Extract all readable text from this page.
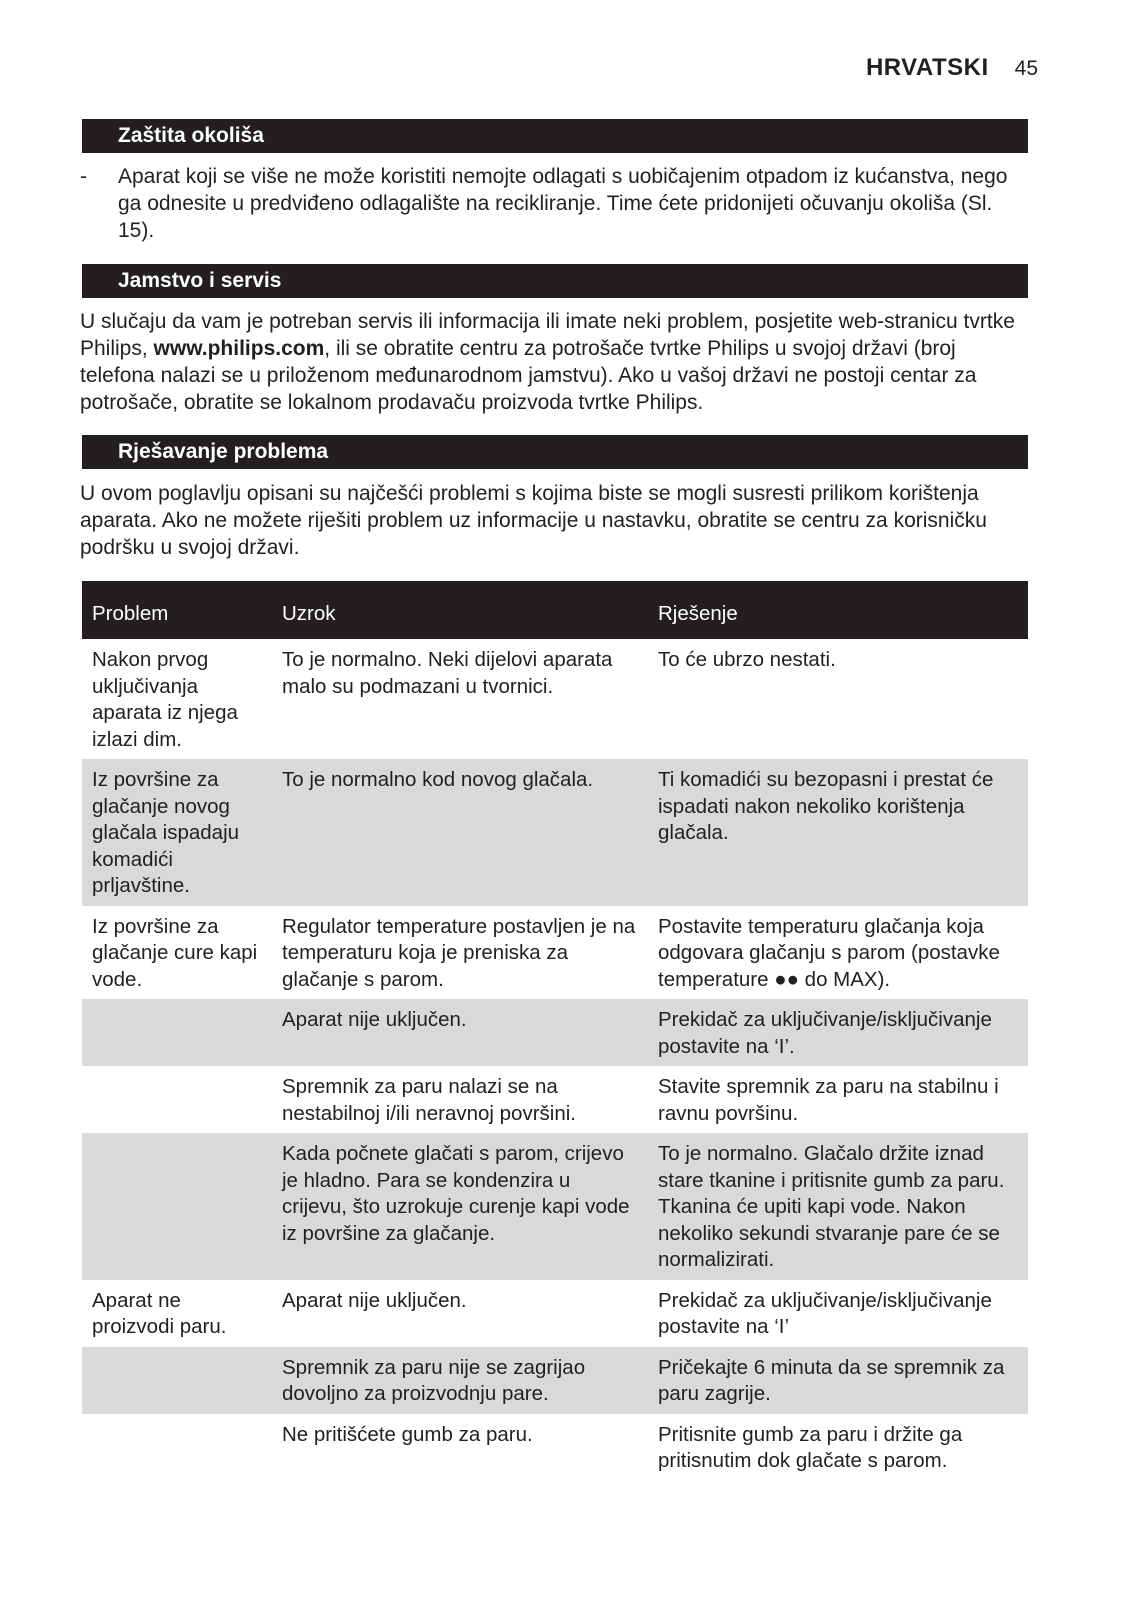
HRVATSKI 45
Zaštita okoliša
- Aparat koji se više ne može koristiti nemojte odlagati s uobičajenim otpadom iz kućanstva, nego ga odnesite u predviđeno odlagalište na recikliranje. Time ćete pridonijeti očuvanju okoliša (Sl. 15).
Jamstvo i servis
U slučaju da vam je potreban servis ili informacija ili imate neki problem, posjetite web-stranicu tvrtke Philips, www.philips.com, ili se obratite centru za potrošače tvrtke Philips u svojoj državi (broj telefona nalazi se u priloženom međunarodnom jamstvu). Ako u vašoj državi ne postoji centar za potrošače, obratite se lokalnom prodavaču proizvoda tvrtke Philips.
Rješavanje problema
U ovom poglavlju opisani su najčešći problemi s kojima biste se mogli susresti prilikom korištenja aparata. Ako ne možete riješiti problem uz informacije u nastavku, obratite se centru za korisničku podršku u svojoj državi.
Problem	Uzrok	Rješenje
Nakon prvog uključivanja aparata iz njega izlazi dim.	To je normalno. Neki dijelovi aparata malo su podmazani u tvornici.	To će ubrzo nestati.
Iz površine za glačanje novog glačala ispadaju komadići prljavštine.	To je normalno kod novog glačala.	Ti komadići su bezopasni i prestat će ispadati nakon nekoliko korištenja glačala.
Iz površine za glačanje cure kapi vode.	Regulator temperature postavljen je na temperaturu koja je preniska za glačanje s parom.	Postavite temperaturu glačanja koja odgovara glačanju s parom (postavke temperature ●● do MAX).
	Aparat nije uključen.	Prekidač za uključivanje/isključivanje postavite na ‘I’.
	Spremnik za paru nalazi se na nestabilnoj i/ili neravnoj površini.	Stavite spremnik za paru na stabilnu i ravnu površinu.
	Kada počnete glačati s parom, crijevo je hladno. Para se kondenzira u crijevu, što uzrokuje curenje kapi vode iz površine za glačanje.	To je normalno. Glačalo držite iznad stare tkanine i pritisnite gumb za paru. Tkanina će upiti kapi vode. Nakon nekoliko sekundi stvaranje pare će se normalizirati.
Aparat ne proizvodi paru.	Aparat nije uključen.	Prekidač za uključivanje/isključivanje postavite na ‘I’
	Spremnik za paru nije se zagrijao dovoljno za proizvodnju pare.	Pričekajte 6 minuta da se spremnik za paru zagrije.
	Ne pritišćete gumb za paru.	Pritisnite gumb za paru i držite ga pritisnutim dok glačate s parom.
